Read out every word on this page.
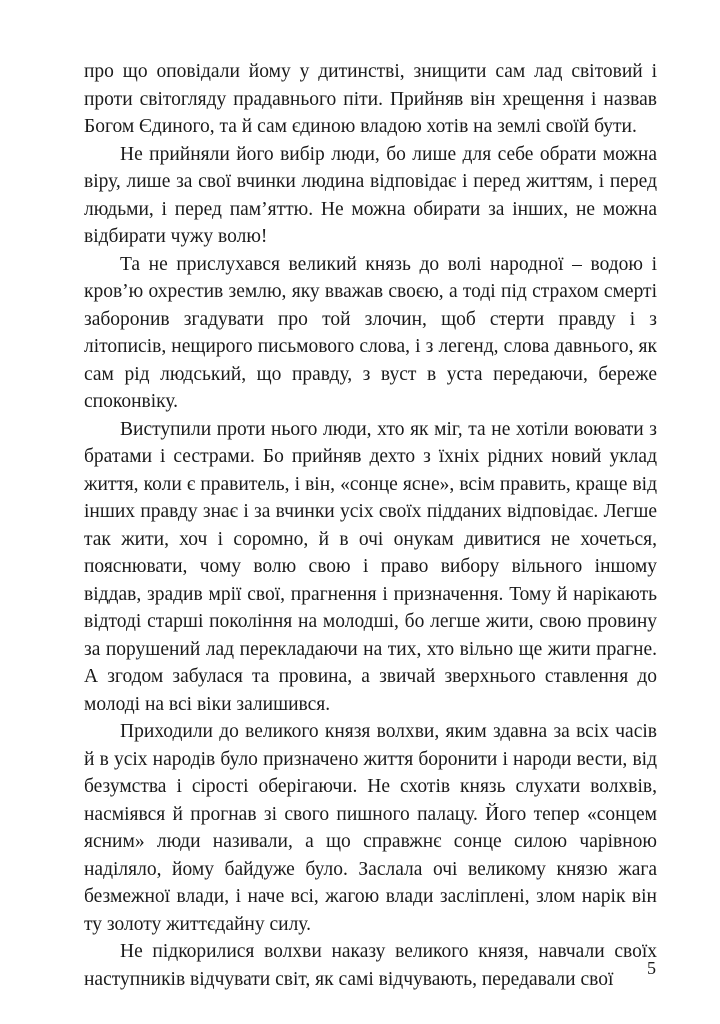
про що оповідали йому у дитинстві, знищити сам лад світовий і проти світогляду прадавнього піти. Прийняв він хрещення і назвав Богом Єдиного, та й сам єдиною владою хотів на землі своїй бути.

Не прийняли його вибір люди, бо лише для себе обрати можна віру, лише за свої вчинки людина відповідає і перед життям, і перед людьми, і перед пам’яттю. Не можна обирати за інших, не можна відбирати чужу волю!

Та не прислухався великий князь до волі народної – водою і кров’ю охрестив землю, яку вважав своєю, а тоді під страхом смерті заборонив згадувати про той злочин, щоб стерти правду і з літописів, нещирого письмового слова, і з легенд, слова давнього, як сам рід людський, що правду, з вуст в уста передаючи, береже споконвіку.

Виступили проти нього люди, хто як міг, та не хотіли воювати з братами і сестрами. Бо прийняв дехто з їхніх рідних новий уклад життя, коли є правитель, і він, «сонце ясне», всім править, краще від інших правду знає і за вчинки усіх своїх підданих відповідає. Легше так жити, хоч і соромно, й в очі онукам дивитися не хочеться, пояснювати, чому волю свою і право вибору вільного іншому віддав, зрадив мрії свої, прагнення і призначення. Тому й нарікають відтоді старші покоління на молодші, бо легше жити, свою провину за порушений лад перекладаючи на тих, хто вільно ще жити прагне. А згодом забулася та провина, а звичай зверхнього ставлення до молоді на всі віки залишився.

Приходили до великого князя волхви, яким здавна за всіх часів й в усіх народів було призначено життя боронити і народи вести, від безумства і сірості оберігаючи. Не схотів князь слухати волхвів, насміявся й прогнав зі свого пишного палацу. Його тепер «сонцем ясним» люди називали, а що справжнє сонце силою чарівною наділяло, йому байдуже було. Заслала очі великому князю жага безмежної влади, і наче всі, жагою влади засліплені, злом нарік він ту золоту життєдайну силу.

Не підкорилися волхви наказу великого князя, навчали своїх наступників відчувати світ, як самі відчувають, передавали свої

5
